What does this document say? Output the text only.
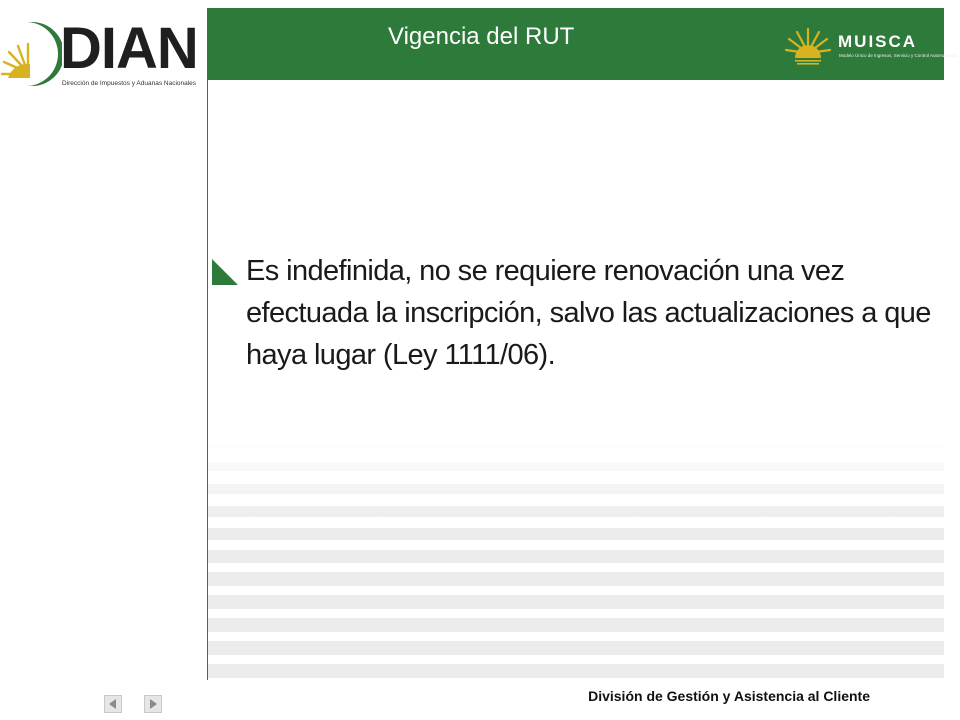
DIAN
Dirección de Impuestos y Aduanas Nacionales
Vigencia del RUT	MUISCA
Modelo Único de Ingresos, Servicio y Control Automatizado
Es indefinida, no se requiere renovación una vez efectuada la inscripción, salvo las actualizaciones a que haya lugar (Ley 1111/06).
División de Gestión y Asistencia al Cliente
